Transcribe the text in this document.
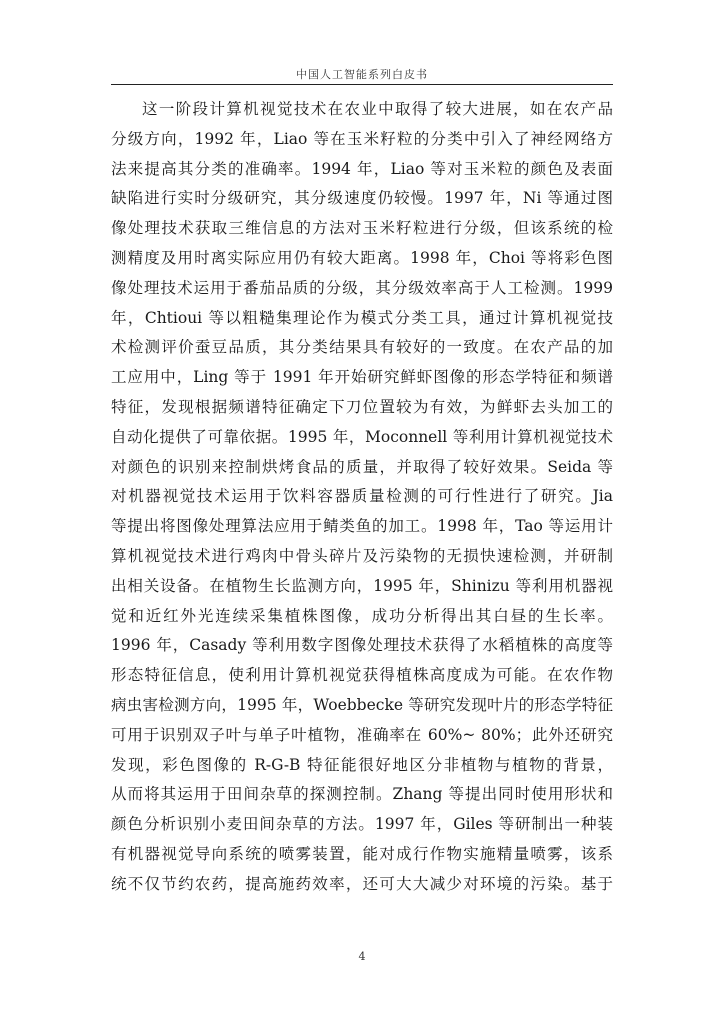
中国人工智能系列白皮书
这一阶段计算机视觉技术在农业中取得了较大进展，如在农产品
分级方向，1992 年，Liao 等在玉米籽粒的分类中引入了神经网络方
法来提高其分类的准确率。1994 年，Liao 等对玉米粒的颜色及表面
缺陷进行实时分级研究，其分级速度仍较慢。1997 年，Ni 等通过图
像处理技术获取三维信息的方法对玉米籽粒进行分级，但该系统的检
测精度及用时离实际应用仍有较大距离。1998 年，Choi 等将彩色图
像处理技术运用于番茄品质的分级，其分级效率高于人工检测。1999
年，Chtioui 等以粗糙集理论作为模式分类工具，通过计算机视觉技
术检测评价蚕豆品质，其分类结果具有较好的一致度。在农产品的加
工应用中，Ling 等于 1991 年开始研究鲜虾图像的形态学特征和频谱
特征，发现根据频谱特征确定下刀位置较为有效，为鲜虾去头加工的
自动化提供了可靠依据。1995 年，Moconnell 等利用计算机视觉技术
对颜色的识别来控制烘烤食品的质量，并取得了较好效果。Seida 等
对机器视觉技术运用于饮料容器质量检测的可行性进行了研究。Jia
等提出将图像处理算法应用于鲭类鱼的加工。1998 年，Tao 等运用计
算机视觉技术进行鸡肉中骨头碎片及污染物的无损快速检测，并研制
出相关设备。在植物生长监测方向，1995 年，Shinizu 等利用机器视
觉和近红外光连续采集植株图像，成功分析得出其白昼的生长率。
1996 年，Casady 等利用数字图像处理技术获得了水稻植株的高度等
形态特征信息，使利用计算机视觉获得植株高度成为可能。在农作物
病虫害检测方向，1995 年，Woebbecke 等研究发现叶片的形态学特征
可用于识别双子叶与单子叶植物，准确率在 60%~ 80%；此外还研究
发现，彩色图像的 R-G-B 特征能很好地区分非植物与植物的背景，
从而将其运用于田间杂草的探测控制。Zhang 等提出同时使用形状和
颜色分析识别小麦田间杂草的方法。1997 年，Giles 等研制出一种装
有机器视觉导向系统的喷雾装置，能对成行作物实施精量喷雾，该系
统不仅节约农药，提高施药效率，还可大大减少对环境的污染。基于
4
